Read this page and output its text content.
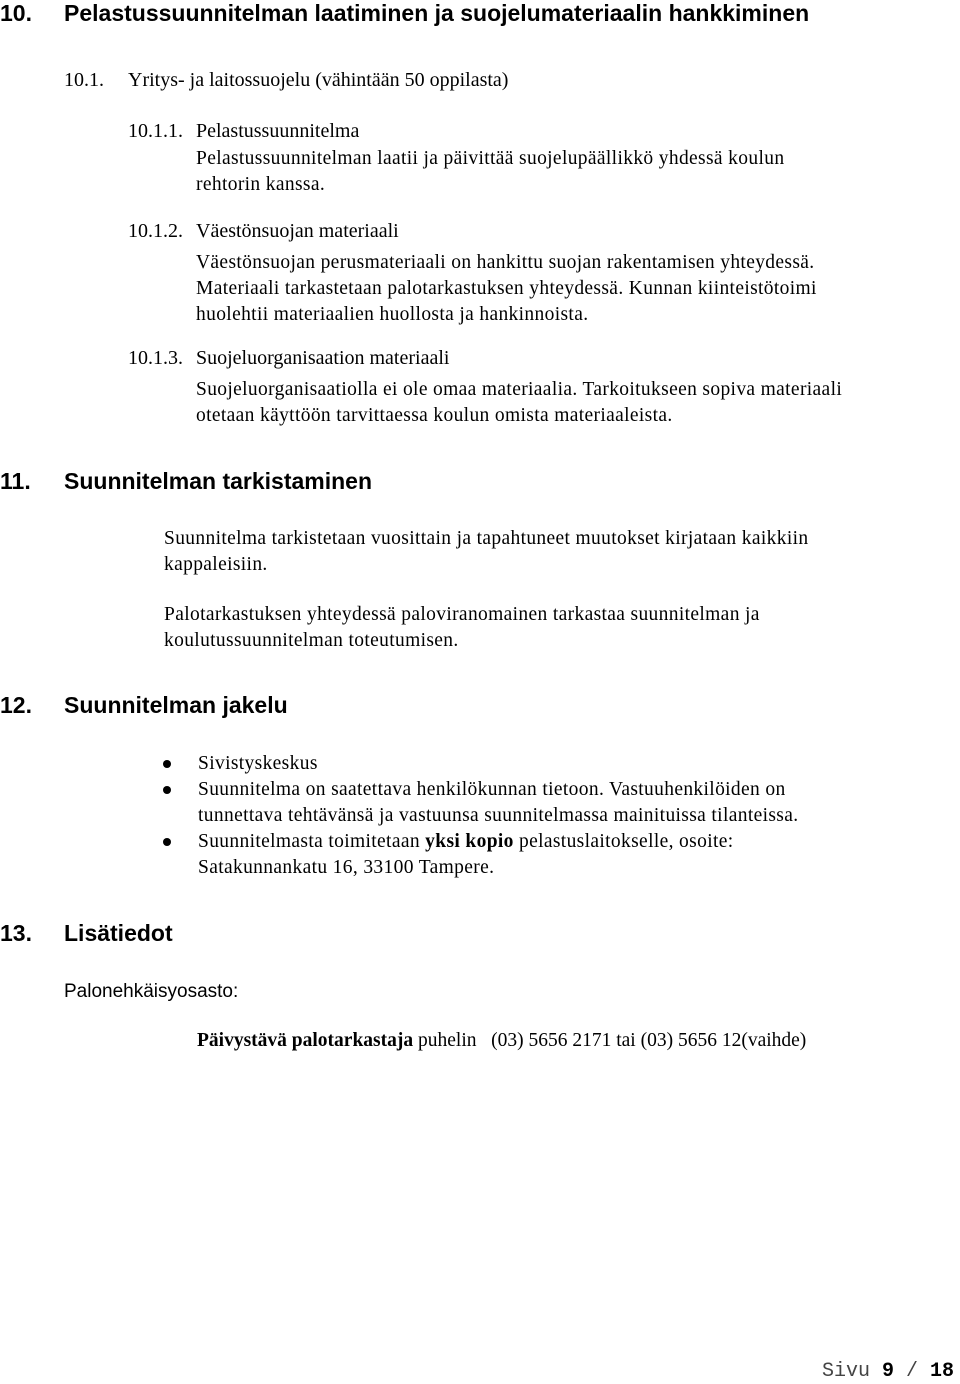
10. Pelastussuunnitelman laatiminen ja suojelumateriaalin hankkiminen
10.1. Yritys- ja laitossuojelu (vähintään 50 oppilasta)
10.1.1. Pelastussuunnitelma

Pelastussuunnitelman laatii ja päivittää suojelupäällikkö yhdessä koulun
rehtorin kanssa.

10.1.2. Väestönsuojan materiaali

Väestönsuojan perusmateriaali on hankittu suojan rakentamisen yhteydessä.
Materiaali tarkastetaan palotarkastuksen yhteydessä. Kunnan kiinteistötoimi
huolehtii materiaalien huollosta ja hankinnoista.

10.1.3. Suojeluorganisaation materiaali

Suojeluorganisaatiolla ei ole omaa materiaalia. Tarkoitukseen sopiva materiaali
otetaan käyttöön tarvittaessa koulun omista materiaaleista.

11. Suunnitelman tarkistaminen

Suunnitelma tarkistetaan vuosittain ja tapahtuneet muutokset kirjataan kaikkiin
kappaleisiin.

Palotarkastuksen yhteydessä paloviranomainen tarkastaa suunnitelman ja
koulutussuunnitelman toteutumisen.

12. Suunnitelman jakelu
Sivistyskeskus
Suunnitelma on saatettava henkilökunnan tietoon. Vastuuhenkilöiden on
tunnettava tehtävänsä ja vastuunsa suunnitelmassa mainituissa tilanteissa.
Suunnitelmasta toimitetaan yksi kopio pelastuslaitokselle, osoite:
Satakunnankatu 16, 33100 Tampere.
13. Lisätiedot
Palonehkäisyosasto:
Päivystävä palotarkastaja puhelin   (03) 5656 2171 tai (03) 5656 12(vaihde)
Sivu 9 / 18
